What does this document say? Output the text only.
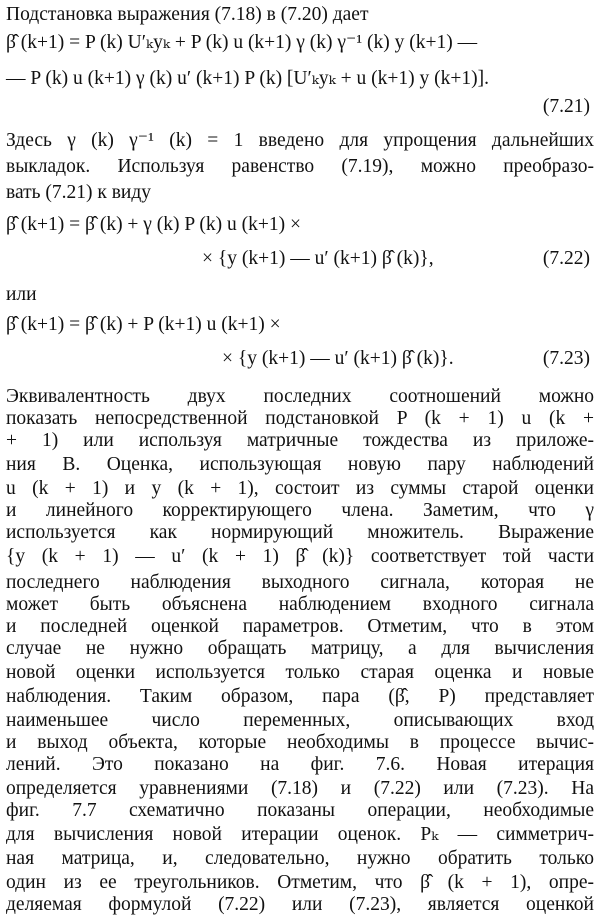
Подстановка выражения (7.18) в (7.20) дает
β̂ (k+1) = P (k) U′ₖyₖ + P (k) u (k+1) γ (k) γ⁻¹ (k) y (k+1) —
— P (k) u (k+1) γ (k) u′ (k+1) P (k) [U′ₖyₖ + u (k+1) y (k+1)].
(7.21)
Здесь γ (k) γ⁻¹ (k) = 1 введено для упрощения дальнейших
выкладок. Используя равенство (7.19), можно преобразо-
вать (7.21) к виду
β̂ (k+1) = β̂ (k) + γ (k) P (k) u (k+1) ×
× {y (k+1) — u′ (k+1) β̂ (k)},	(7.22)
или
β̂ (k+1) = β̂ (k) + P (k+1) u (k+1) ×
× {y (k+1) — u′ (k+1) β̂ (k)}.	(7.23)
Эквивалентность двух последних соотношений можно
показать непосредственной подстановкой P (k + 1) u (k +
+ 1) или используя матричные тождества из приложе-
ния В. Оценка, использующая новую пару наблюдений
u (k + 1) и y (k + 1), состоит из суммы старой оценки
и линейного корректирующего члена. Заметим, что γ
используется как нормирующий множитель. Выражение
{y (k + 1) — u′ (k + 1) β̂ (k)} соответствует той части
последнего наблюдения выходного сигнала, которая не
может быть объяснена наблюдением входного сигнала
и последней оценкой параметров. Отметим, что в этом
случае не нужно обращать матрицу, а для вычисления
новой оценки используется только старая оценка и новые
наблюдения. Таким образом, пара (β̂, P) представляет
наименьшее число переменных, описывающих вход
и выход объекта, которые необходимы в процессе вычис-
лений. Это показано на фиг. 7.6. Новая итерация
определяется уравнениями (7.18) и (7.22) или (7.23). На
фиг. 7.7 схематично показаны операции, необходимые
для вычисления новой итерации оценок. Pₖ — симметрич-
ная матрица, и, следовательно, нужно обратить только
один из ее треугольников. Отметим, что β̂ (k + 1), опре-
деляемая формулой (7.22) или (7.23), является оценкой
